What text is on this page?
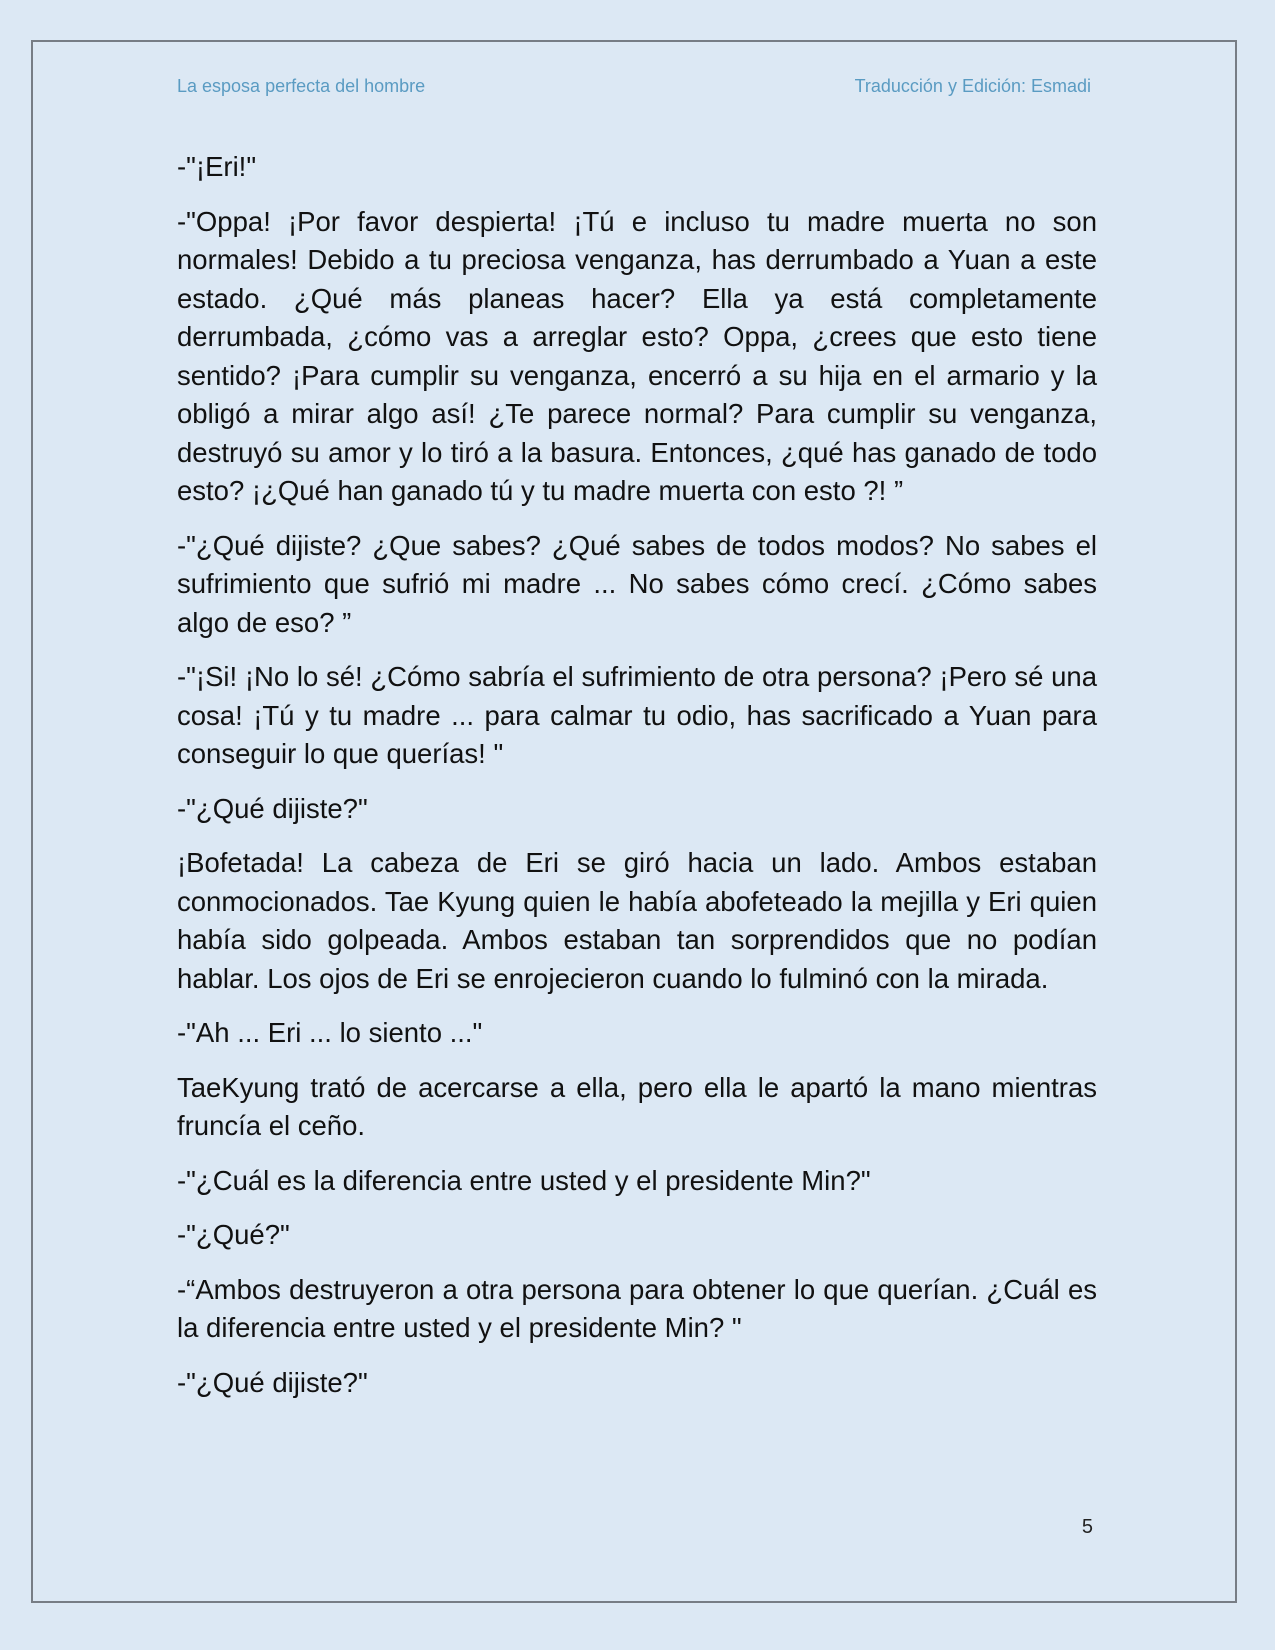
La esposa perfecta del hombre	Traducción y Edición: Esmadi

-"¡Eri!"

-"Oppa! ¡Por favor despierta! ¡Tú e incluso tu madre muerta no son normales! Debido a tu preciosa venganza, has derrumbado a Yuan a este estado. ¿Qué más planeas hacer? Ella ya está completamente derrumbada, ¿cómo vas a arreglar esto? Oppa, ¿crees que esto tiene sentido? ¡Para cumplir su venganza, encerró a su hija en el armario y la obligó a mirar algo así! ¿Te parece normal? Para cumplir su venganza, destruyó su amor y lo tiró a la basura. Entonces, ¿qué has ganado de todo esto? ¡¿Qué han ganado tú y tu madre muerta con esto ?! ”

-"¿Qué dijiste? ¿Que sabes? ¿Qué sabes de todos modos? No sabes el sufrimiento que sufrió mi madre ... No sabes cómo crecí. ¿Cómo sabes algo de eso? ”

-"¡Si! ¡No lo sé! ¿Cómo sabría el sufrimiento de otra persona? ¡Pero sé una cosa! ¡Tú y tu madre ... para calmar tu odio, has sacrificado a Yuan para conseguir lo que querías! "

-"¿Qué dijiste?"

¡Bofetada! La cabeza de Eri se giró hacia un lado. Ambos estaban conmocionados. Tae Kyung quien le había abofeteado la mejilla y Eri quien había sido golpeada. Ambos estaban tan sorprendidos que no podían hablar. Los ojos de Eri se enrojecieron cuando lo fulminó con la mirada.

-"Ah ... Eri ... lo siento ..."

TaeKyung trató de acercarse a ella, pero ella le apartó la mano mientras fruncía el ceño.

-"¿Cuál es la diferencia entre usted y el presidente Min?"

-"¿Qué?"

-“Ambos destruyeron a otra persona para obtener lo que querían. ¿Cuál es la diferencia entre usted y el presidente Min? "

-"¿Qué dijiste?"

5
